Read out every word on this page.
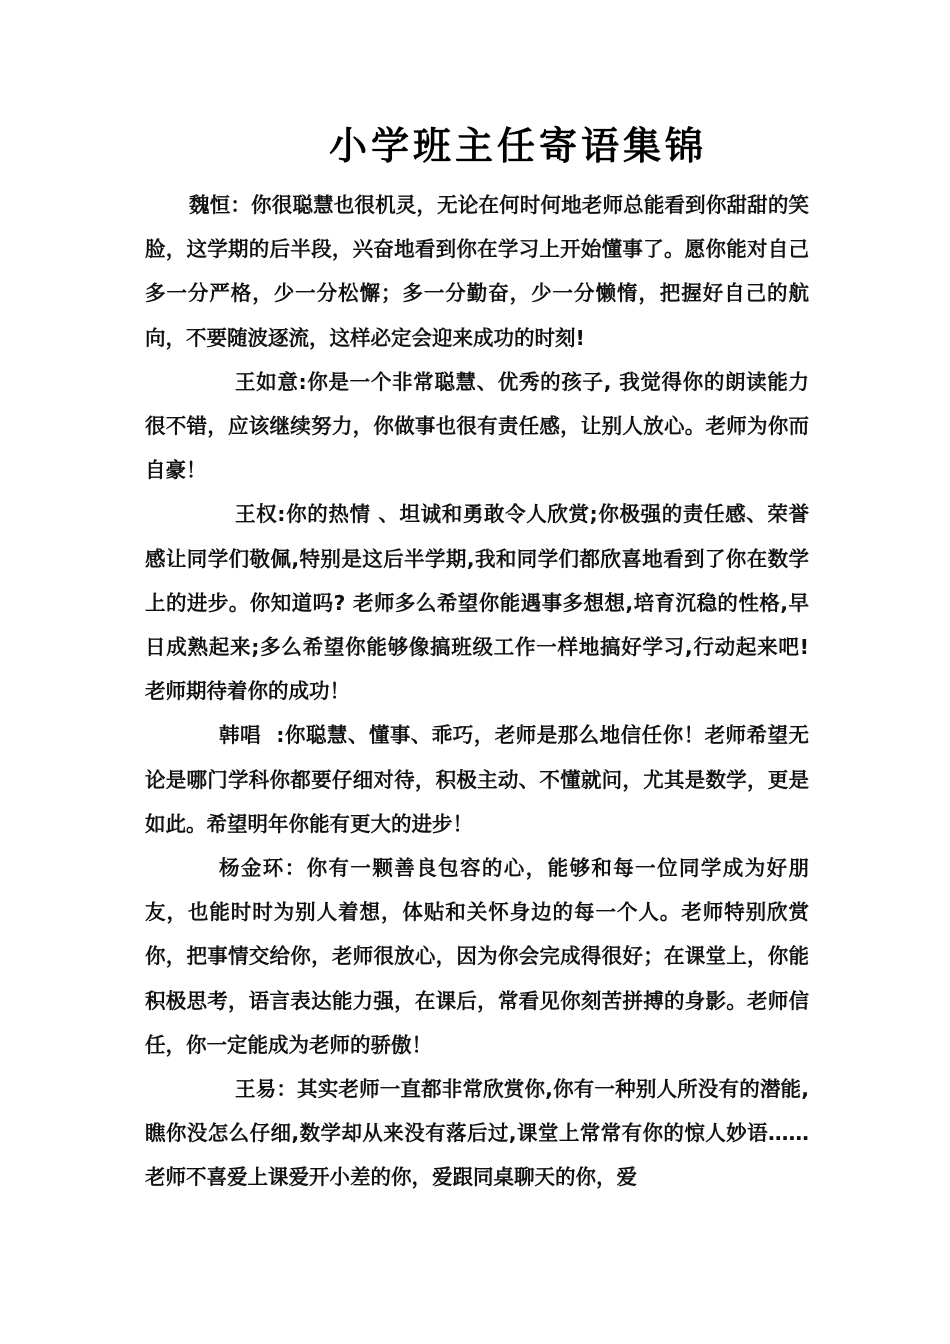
小学班主任寄语集锦

魏恒：你很聪慧也很机灵，无论在何时何地老师总能看到你甜甜的笑脸，这学期的后半段，兴奋地看到你在学习上开始懂事了。愿你能对自己多一分严格，少一分松懈；多一分勤奋，少一分懒惰，把握好自己的航向，不要随波逐流，这样必定会迎来成功的时刻!

王如意:你是一个非常聪慧、优秀的孩子, 我觉得你的朗读能力很不错，应该继续努力，你做事也很有责任感，让别人放心。老师为你而自豪！

王权:你的热情 、坦诚和勇敢令人欣赏;你极强的责任感、荣誉感让同学们敬佩,特别是这后半学期,我和同学们都欣喜地看到了你在数学上的进步。你知道吗? 老师多么希望你能遇事多想想,培育沉稳的性格,早日成熟起来;多么希望你能够像搞班级工作一样地搞好学习,行动起来吧! 老师期待着你的成功！

韩唱  :你聪慧、懂事、乖巧，老师是那么地信任你！老师希望无论是哪门学科你都要仔细对待，积极主动、不懂就问，尤其是数学，更是如此。希望明年你能有更大的进步！

杨金环：你有一颗善良包容的心，能够和每一位同学成为好朋友，也能时时为别人着想，体贴和关怀身边的每一个人。老师特别欣赏你，把事情交给你，老师很放心，因为你会完成得很好；在课堂上，你能积极思考，语言表达能力强，在课后，常看见你刻苦拼搏的身影。老师信任，你一定能成为老师的骄傲！

王易：其实老师一直都非常欣赏你,你有一种别人所没有的潜能,瞧你没怎么仔细,数学却从来没有落后过,课堂上常常有你的惊人妙语……老师不喜爱上课爱开小差的你，爱跟同桌聊天的你，爱
